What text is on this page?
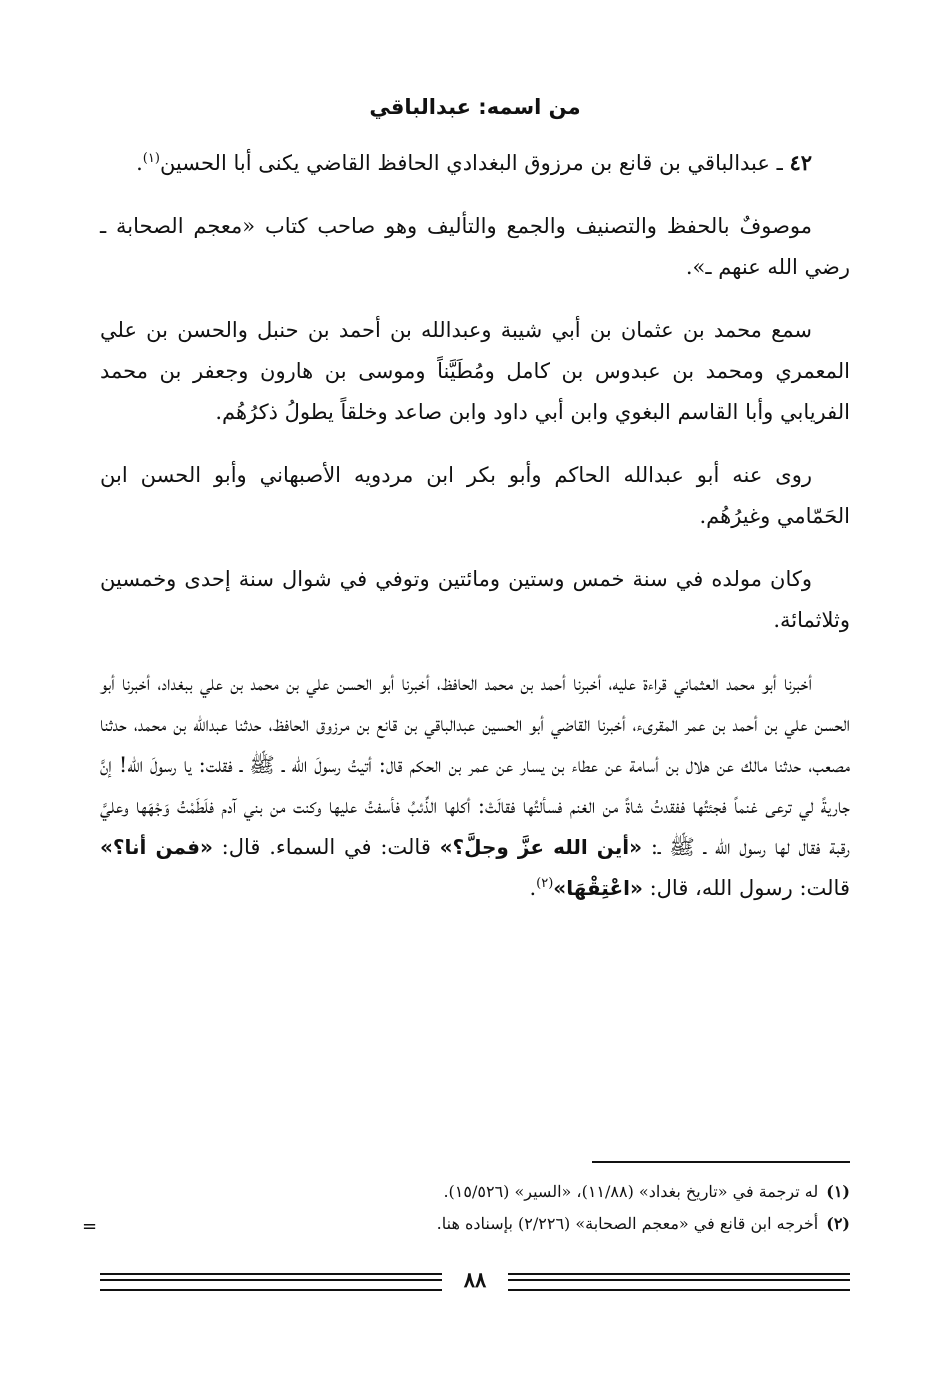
من اسمه: عبدالباقي

٤٢ ـ عبدالباقي بن قانع بن مرزوق البغدادي الحافظ القاضي يكنى أبا الحسين$^{(١)}$.

موصوفٌ بالحفظ والتصنيف والجمع والتأليف وهو صاحب كتاب «معجم الصحابة ـ رضي الله عنهم ـ».

سمع محمد بن عثمان بن أبي شيبة وعبدالله بن أحمد بن حنبل والحسن بن علي المعمري ومحمد بن عبدوس بن كامل ومُطَيَّناً وموسى بن هارون وجعفر بن محمد الفريابي وأبا القاسم البغوي وابن أبي داود وابن صاعد وخلقاً يطولُ ذكرُهُم.

روى عنه أبو عبدالله الحاكم وأبو بكر ابن مردويه الأصبهاني وأبو الحسن ابن الحَمّامي وغيرُهُم.

وكان مولده في سنة خمس وستين ومائتين وتوفي في شوال سنة إحدى وخمسين وثلاثمائة.

أخبرنا أبو محمد العثماني قراءة عليه، أخبرنا أحمد بن محمد الحافظ، أخبرنا أبو الحسن علي بن محمد بن علي ببغداد، أخبرنا أبو الحسن علي بن أحمد بن عمر المقرىء، أخبرنا القاضي أبو الحسين عبدالباقي بن قانع بن مرزوق الحافظ، حدثنا عبدالله بن محمد، حدثنا مصعب، حدثنا مالك عن هلال بن أسامة عن عطاء بن يسار عن عمر بن الحكم قال: أتيتُ رسولَ الله ـ ﷺ ـ فقلت: يا رسولَ الله! إنَّ جاريةً لي ترعى غنماً فجئتُها ففقدتُ شاةً من الغنم فسألتُها فقالَتْ: أكلها الذِّئبُ فأسفتُ عليها وكنت من بني آدم فلَطَمْتُ وَجْهَها وعليَّ رقبة فقال لها رسول الله ـ ﷺ ـ: «أين الله عزَّ وجلَّ؟» قالت: في السماء. قال: «فمن أنا؟» قالت: رسول الله، قال: «اعْتِقْهَا»$^{(٢)}$.

(١)له ترجمة في «تاريخ بغداد» (١١/٨٨)، «السير» (١٥/٥٢٦).

(٢)أخرجه ابن قانع في «معجم الصحابة» (٢/٢٢٦) بإسناده هنا.

=
٨٨
